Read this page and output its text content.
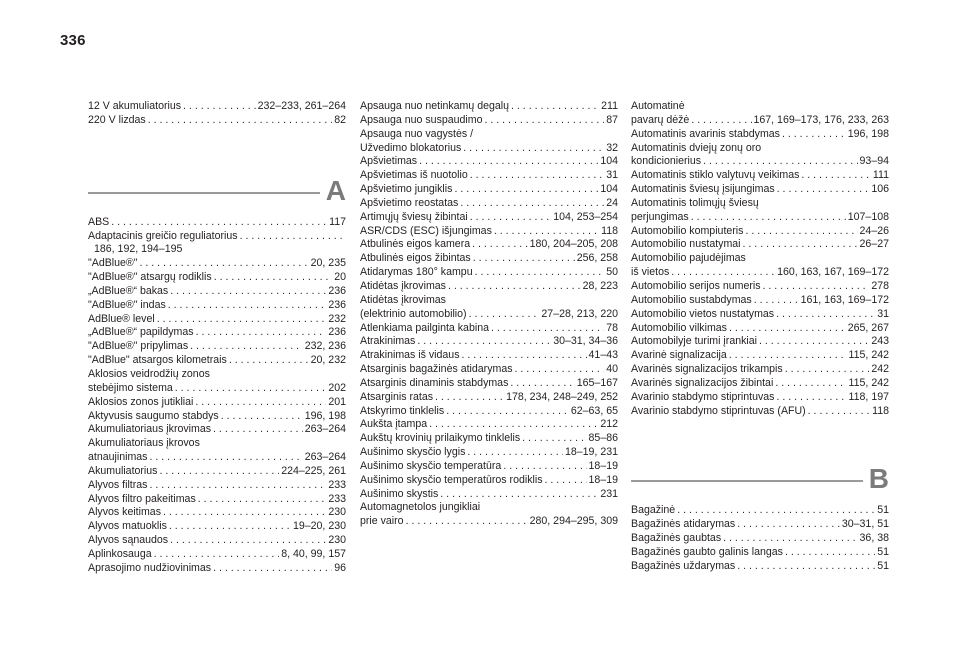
336
12 V akumuliatorius . . .	232–233, 261–264
220 V lizdas . . .	82
A
ABS . . .	117
Adaptacinis greičio reguliatorius
. . .
186, 192, 194–195
"AdBlue®" . . .	20, 235
"AdBlue®" atsargų rodiklis . . .	20
„AdBlue®“ bakas . . .	236
"AdBlue®" indas . . .	236
AdBlue® level . . .	232
„AdBlue®“ papildymas . . .	236
"AdBlue®" pripylimas . . .	232, 236
"AdBlue" atsargos kilometrais . . .	20, 232
Aklosios veidrodžių zonos
stebėjimo sistema . . .	202
Aklosios zonos jutikliai . . .	201
Aktyvusis saugumo stabdys . . .	196, 198
Akumuliatoriaus įkrovimas . . .	263–264
Akumuliatoriaus įkrovos
atnaujinimas . . .	263–264
Akumuliatorius . . .	224–225, 261
Alyvos filtras . . .	233
Alyvos filtro pakeitimas . . .	233
Alyvos keitimas . . .	230
Alyvos matuoklis . . .	19–20, 230
Alyvos sąnaudos . . .	230
Aplinkosauga . . .	8, 40, 99, 157
Aprasojimo nudžiovinimas . . .	96
Apsauga nuo netinkamų degalų . . .	211
Apsauga nuo suspaudimo . . .	87
Apsauga nuo vagystės /
Užvedimo blokatorius . . .	32
Apšvietimas . . .	104
Apšvietimas iš nuotolio . . .	31
Apšvietimo jungiklis . . .	104
Apšvietimo reostatas . . .	24
Artimųjų šviesų žibintai . . .	104, 253–254
ASR/CDS (ESC) išjungimas . . .	118
Atbulinės eigos kamera . . .	180, 204–205, 208
Atbulinės eigos žibintas . . .	256, 258
Atidarymas 180° kampu . . .	50
Atidėtas įkrovimas . . .	28, 223
Atidėtas įkrovimas
(elektrinio automobilio) . . .	27–28, 213, 220
Atlenkiama pailginta kabina . . .	78
Atrakinimas . . .	30–31, 34–36
Atrakinimas iš vidaus . . .	41–43
Atsarginis bagažinės atidarymas . . .	40
Atsarginis dinaminis stabdymas . . .	165–167
Atsarginis ratas . . .	178, 234, 248–249, 252
Atskyrimo tinklelis . . .	62–63, 65
Aukšta įtampa . . .	212
Aukštų krovinių prilaikymo tinklelis . . .	85–86
Aušinimo skysčio lygis . . .	18–19, 231
Aušinimo skysčio temperatūra . . .	18–19
Aušinimo skysčio temperatūros rodiklis . . .	18–19
Aušinimo skystis . . .	231
Automagnetolos jungikliai
prie vairo . . .	280, 294–295, 309
Automatinė
pavarų dėžė . . .	167, 169–173, 176, 233, 263
Automatinis avarinis stabdymas . . .	196, 198
Automatinis dviejų zonų oro
kondicionierius . . .	93–94
Automatinis stiklo valytuvų veikimas . . .	111
Automatinis šviesų įsijungimas . . .	106
Automatinis tolimųjų šviesų
perjungimas . . .	107–108
Automobilio kompiuteris . . .	24–26
Automobilio nustatymai . . .	26–27
Automobilio pajudėjimas
iš vietos . . .	160, 163, 167, 169–172
Automobilio serijos numeris . . .	278
Automobilio sustabdymas . . .	161, 163, 169–172
Automobilio vietos nustatymas . . .	31
Automobilio vilkimas . . .	265, 267
Automobilyje turimi įrankiai . . .	243
Avarinė signalizacija . . .	115, 242
Avarinės signalizacijos trikampis . . .	242
Avarinės signalizacijos žibintai . . .	115, 242
Avarinio stabdymo stiprintuvas . . .	118, 197
Avarinio stabdymo stiprintuvas (AFU) . . .	118
B
Bagažinė . . .	51
Bagažinės atidarymas . . .	30–31, 51
Bagažinės gaubtas . . .	36, 38
Bagažinės gaubto galinis langas . . .	51
Bagažinės uždarymas . . .	51
